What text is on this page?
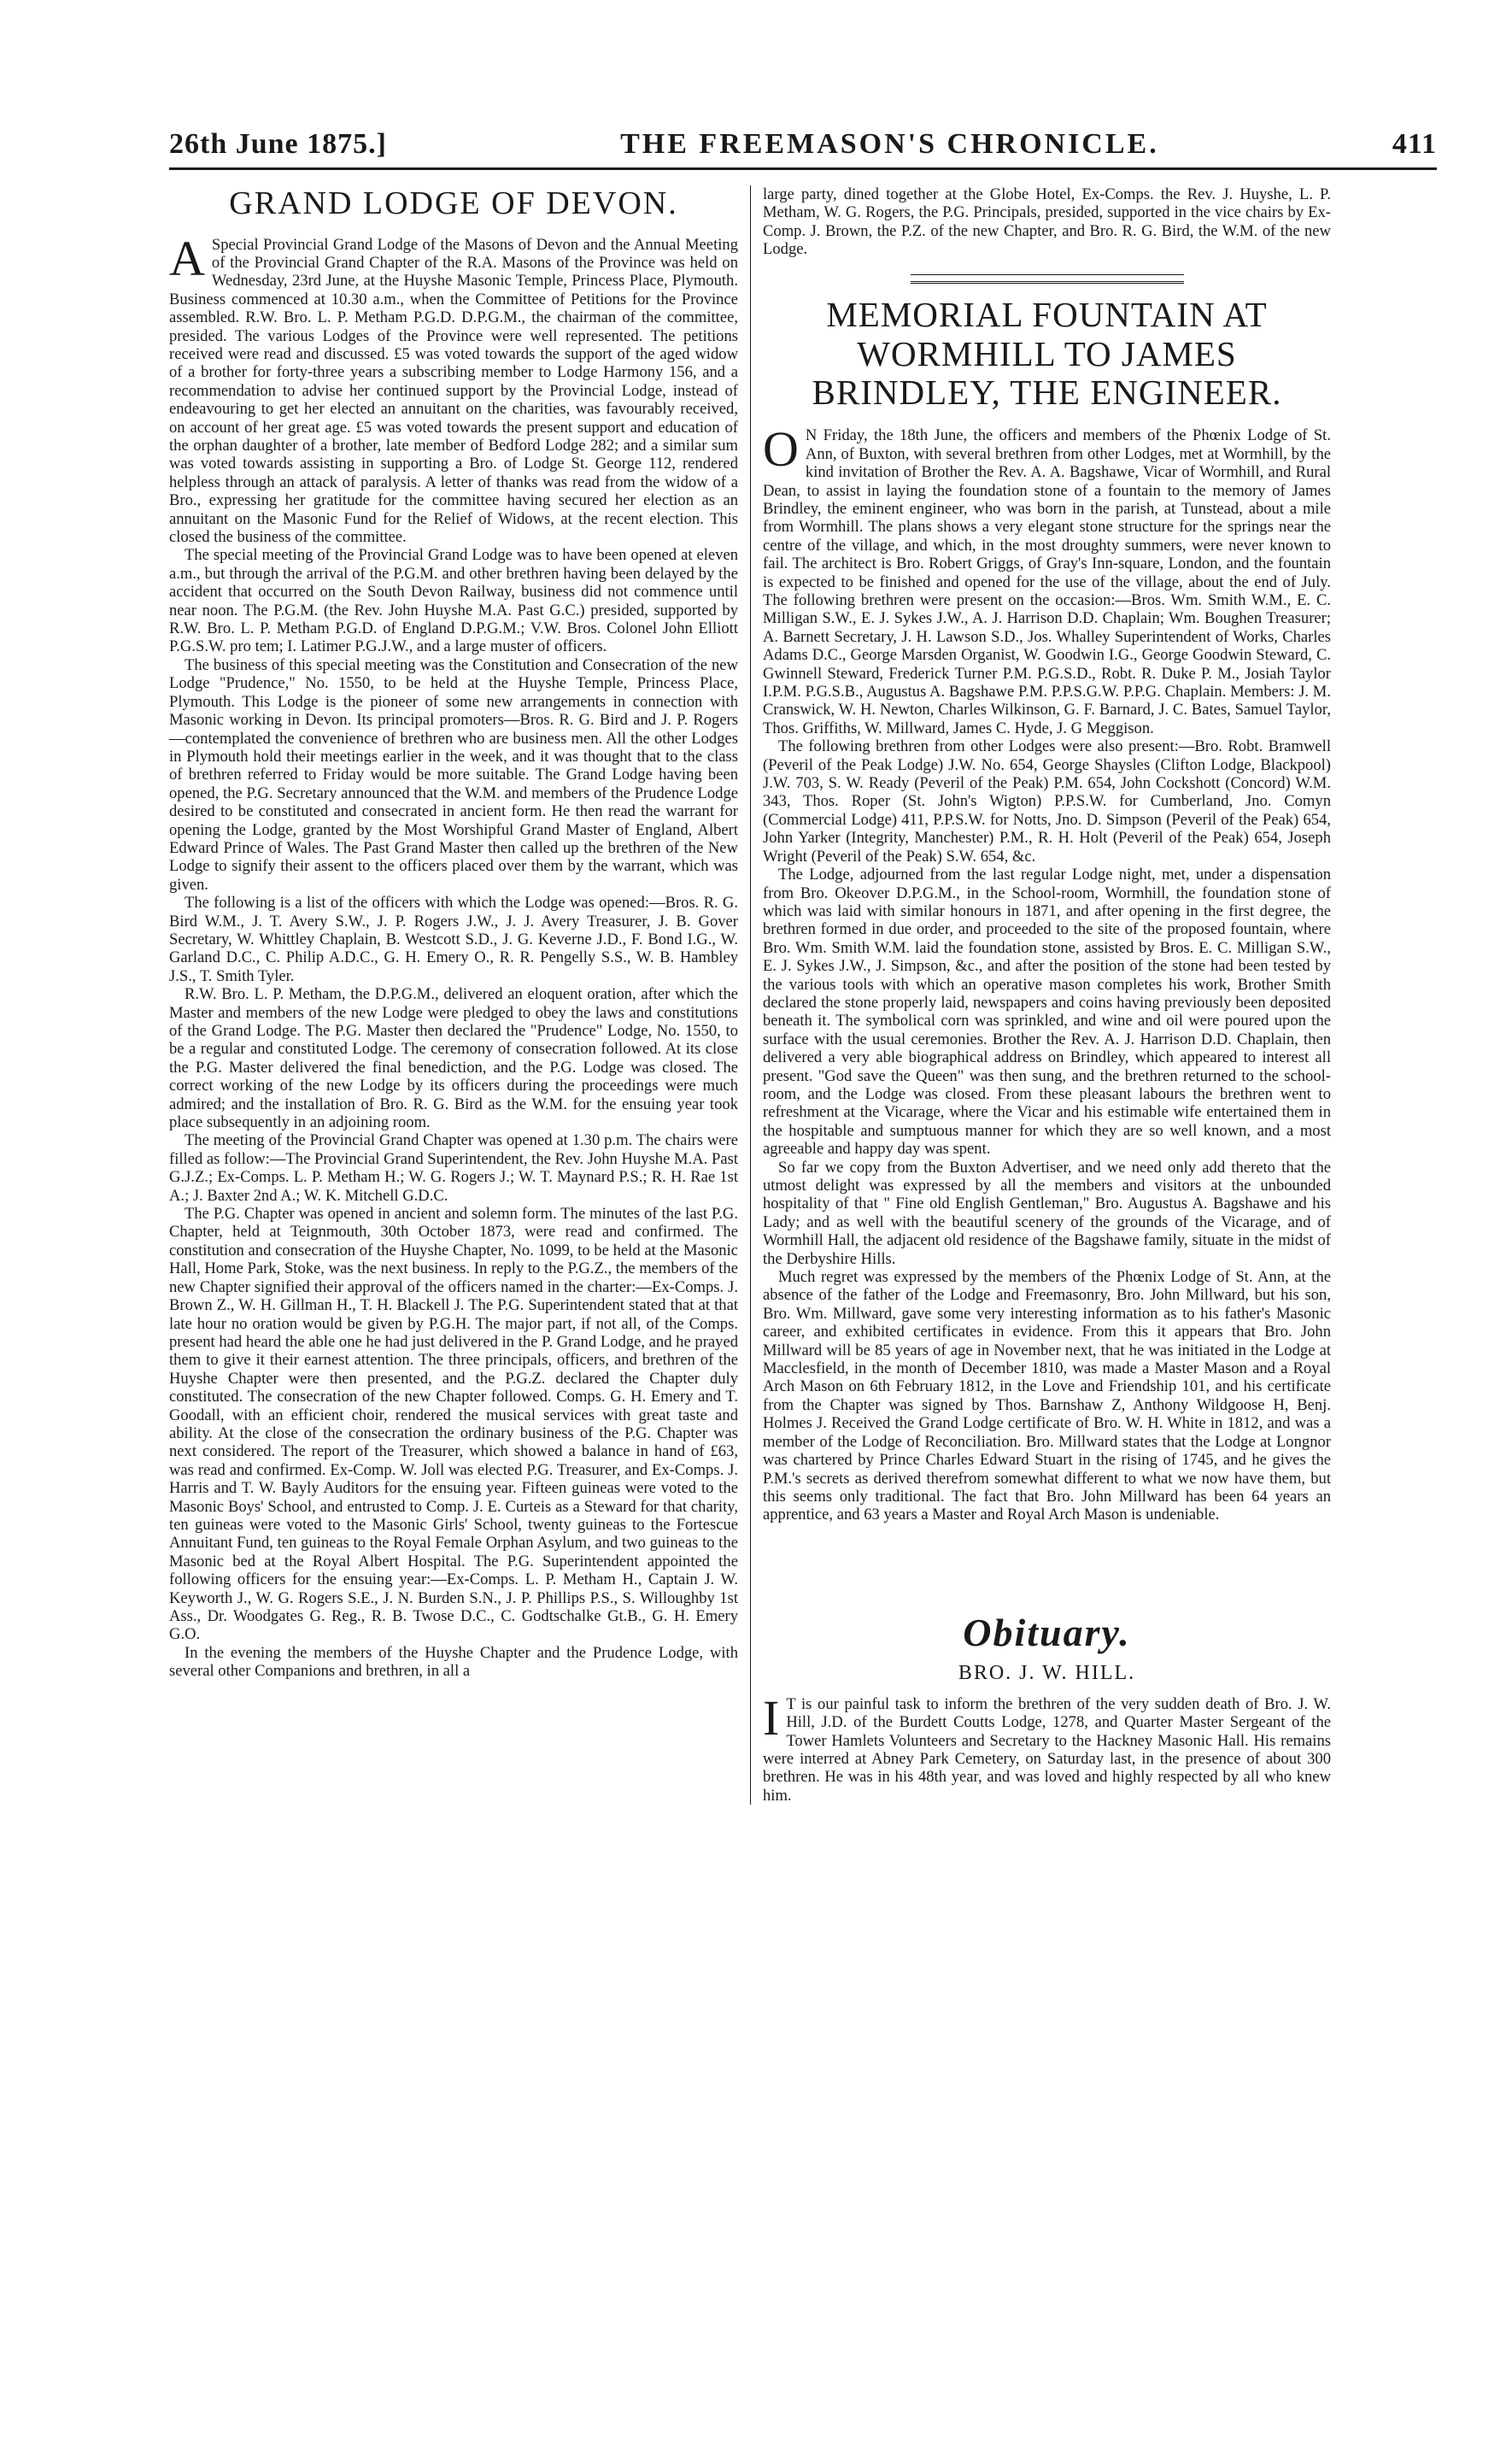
26th June 1875.]	THE FREEMASON'S CHRONICLE.	411
GRAND LODGE OF DEVON.

A Special Provincial Grand Lodge of the Masons of Devon and the Annual Meeting of the Provincial Grand Chapter of the R.A. Masons of the Province was held on Wednesday, 23rd June, at the Huyshe Masonic Temple, Princess Place, Plymouth. Business commenced at 10.30 a.m., when the Committee of Petitions for the Province assembled. R.W. Bro. L. P. Metham P.G.D. D.P.G.M., the chairman of the committee, presided. The various Lodges of the Province were well represented. The petitions received were read and discussed. £5 was voted towards the support of the aged widow of a brother for forty-three years a subscribing member to Lodge Harmony 156, and a recommendation to advise her continued support by the Provincial Lodge, instead of endeavouring to get her elected an annuitant on the charities, was favourably received, on account of her great age. £5 was voted towards the present support and education of the orphan daughter of a brother, late member of Bedford Lodge 282; and a similar sum was voted towards assisting in supporting a Bro. of Lodge St. George 112, rendered helpless through an attack of paralysis. A letter of thanks was read from the widow of a Bro., expressing her gratitude for the committee having secured her election as an annuitant on the Masonic Fund for the Relief of Widows, at the recent election. This closed the business of the committee.

The special meeting of the Provincial Grand Lodge was to have been opened at eleven a.m., but through the arrival of the P.G.M. and other brethren having been delayed by the accident that occurred on the South Devon Railway, business did not commence until near noon. The P.G.M. (the Rev. John Huyshe M.A. Past G.C.) presided, supported by R.W. Bro. L. P. Metham P.G.D. of England D.P.G.M.; V.W. Bros. Colonel John Elliott P.G.S.W. pro tem; I. Latimer P.G.J.W., and a large muster of officers.

The business of this special meeting was the Constitution and Consecration of the new Lodge "Prudence," No. 1550, to be held at the Huyshe Temple, Princess Place, Plymouth. This Lodge is the pioneer of some new arrangements in connection with Masonic working in Devon. Its principal promoters—Bros. R. G. Bird and J. P. Rogers —contemplated the convenience of brethren who are business men. All the other Lodges in Plymouth hold their meetings earlier in the week, and it was thought that to the class of brethren referred to Friday would be more suitable. The Grand Lodge having been opened, the P.G. Secretary announced that the W.M. and members of the Prudence Lodge desired to be constituted and consecrated in ancient form. He then read the warrant for opening the Lodge, granted by the Most Worshipful Grand Master of England, Albert Edward Prince of Wales. The Past Grand Master then called up the brethren of the New Lodge to signify their assent to the officers placed over them by the warrant, which was given.

The following is a list of the officers with which the Lodge was opened:—Bros. R. G. Bird W.M., J. T. Avery S.W., J. P. Rogers J.W., J. J. Avery Treasurer, J. B. Gover Secretary, W. Whittley Chaplain, B. Westcott S.D., J. G. Keverne J.D., F. Bond I.G., W. Garland D.C., C. Philip A.D.C., G. H. Emery O., R. R. Pengelly S.S., W. B. Hambley J.S., T. Smith Tyler.

R.W. Bro. L. P. Metham, the D.P.G.M., delivered an eloquent oration, after which the Master and members of the new Lodge were pledged to obey the laws and constitutions of the Grand Lodge. The P.G. Master then declared the "Prudence" Lodge, No. 1550, to be a regular and constituted Lodge. The ceremony of consecration followed. At its close the P.G. Master delivered the final benediction, and the P.G. Lodge was closed. The correct working of the new Lodge by its officers during the proceedings were much admired; and the installation of Bro. R. G. Bird as the W.M. for the ensuing year took place subsequently in an adjoining room.

The meeting of the Provincial Grand Chapter was opened at 1.30 p.m. The chairs were filled as follow:—The Provincial Grand Superintendent, the Rev. John Huyshe M.A. Past G.J.Z.; Ex-Comps. L. P. Metham H.; W. G. Rogers J.; W. T. Maynard P.S.; R. H. Rae 1st A.; J. Baxter 2nd A.; W. K. Mitchell G.D.C.

The P.G. Chapter was opened in ancient and solemn form. The minutes of the last P.G. Chapter, held at Teignmouth, 30th October 1873, were read and confirmed. The constitution and consecration of the Huyshe Chapter, No. 1099, to be held at the Masonic Hall, Home Park, Stoke, was the next business. In reply to the P.G.Z., the members of the new Chapter signified their approval of the officers named in the charter:—Ex-Comps. J. Brown Z., W. H. Gillman H., T. H. Blackell J. The P.G. Superintendent stated that at that late hour no oration would be given by P.G.H. The major part, if not all, of the Comps. present had heard the able one he had just delivered in the P. Grand Lodge, and he prayed them to give it their earnest attention. The three principals, officers, and brethren of the Huyshe Chapter were then presented, and the P.G.Z. declared the Chapter duly constituted. The consecration of the new Chapter followed. Comps. G. H. Emery and T. Goodall, with an efficient choir, rendered the musical services with great taste and ability. At the close of the consecration the ordinary business of the P.G. Chapter was next considered. The report of the Treasurer, which showed a balance in hand of £63, was read and confirmed. Ex-Comp. W. Joll was elected P.G. Treasurer, and Ex-Comps. J. Harris and T. W. Bayly Auditors for the ensuing year. Fifteen guineas were voted to the Masonic Boys' School, and entrusted to Comp. J. E. Curteis as a Steward for that charity, ten guineas were voted to the Masonic Girls' School, twenty guineas to the Fortescue Annuitant Fund, ten guineas to the Royal Female Orphan Asylum, and two guineas to the Masonic bed at the Royal Albert Hospital. The P.G. Superintendent appointed the following officers for the ensuing year:—Ex-Comps. L. P. Metham H., Captain J. W. Keyworth J., W. G. Rogers S.E., J. N. Burden S.N., J. P. Phillips P.S., S. Willoughby 1st Ass., Dr. Woodgates G. Reg., R. B. Twose D.C., C. Godtschalke Gt.B., G. H. Emery G.O.

In the evening the members of the Huyshe Chapter and the Prudence Lodge, with several other Companions and brethren, in all a

large party, dined together at the Globe Hotel, Ex-Comps. the Rev. J. Huyshe, L. P. Metham, W. G. Rogers, the P.G. Principals, presided, supported in the vice chairs by Ex-Comp. J. Brown, the P.Z. of the new Chapter, and Bro. R. G. Bird, the W.M. of the new Lodge.

MEMORIAL FOUNTAIN AT WORMHILL TO JAMES BRINDLEY, THE ENGINEER.

O N Friday, the 18th June, the officers and members of the Phœnix Lodge of St. Ann, of Buxton, with several brethren from other Lodges, met at Wormhill, by the kind invitation of Brother the Rev. A. A. Bagshawe, Vicar of Wormhill, and Rural Dean, to assist in laying the foundation stone of a fountain to the memory of James Brindley, the eminent engineer, who was born in the parish, at Tunstead, about a mile from Wormhill. The plans shows a very elegant stone structure for the springs near the centre of the village, and which, in the most droughty summers, were never known to fail. The architect is Bro. Robert Griggs, of Gray's Inn-square, London, and the fountain is expected to be finished and opened for the use of the village, about the end of July. The following brethren were present on the occasion:—Bros. Wm. Smith W.M., E. C. Milligan S.W., E. J. Sykes J.W., A. J. Harrison D.D. Chaplain; Wm. Boughen Treasurer; A. Barnett Secretary, J. H. Lawson S.D., Jos. Whalley Superintendent of Works, Charles Adams D.C., George Marsden Organist, W. Goodwin I.G., George Goodwin Steward, C. Gwinnell Steward, Frederick Turner P.M. P.G.S.D., Robt. R. Duke P. M., Josiah Taylor I.P.M. P.G.S.B., Augustus A. Bagshawe P.M. P.P.S.G.W. P.P.G. Chaplain. Members: J. M. Cranswick, W. H. Newton, Charles Wilkinson, G. F. Barnard, J. C. Bates, Samuel Taylor, Thos. Griffiths, W. Millward, James C. Hyde, J. G Meggison.

The following brethren from other Lodges were also present:—Bro. Robt. Bramwell (Peveril of the Peak Lodge) J.W. No. 654, George Shaysles (Clifton Lodge, Blackpool) J.W. 703, S. W. Ready (Peveril of the Peak) P.M. 654, John Cockshott (Concord) W.M. 343, Thos. Roper (St. John's Wigton) P.P.S.W. for Cumberland, Jno. Comyn (Commercial Lodge) 411, P.P.S.W. for Notts, Jno. D. Simpson (Peveril of the Peak) 654, John Yarker (Integrity, Manchester) P.M., R. H. Holt (Peveril of the Peak) 654, Joseph Wright (Peveril of the Peak) S.W. 654, &c.

The Lodge, adjourned from the last regular Lodge night, met, under a dispensation from Bro. Okeover D.P.G.M., in the School-room, Wormhill, the foundation stone of which was laid with similar honours in 1871, and after opening in the first degree, the brethren formed in due order, and proceeded to the site of the proposed fountain, where Bro. Wm. Smith W.M. laid the foundation stone, assisted by Bros. E. C. Milligan S.W., E. J. Sykes J.W., J. Simpson, &c., and after the position of the stone had been tested by the various tools with which an operative mason completes his work, Brother Smith declared the stone properly laid, newspapers and coins having previously been deposited beneath it. The symbolical corn was sprinkled, and wine and oil were poured upon the surface with the usual ceremonies. Brother the Rev. A. J. Harrison D.D. Chaplain, then delivered a very able biographical address on Brindley, which appeared to interest all present. "God save the Queen" was then sung, and the brethren returned to the school-room, and the Lodge was closed. From these pleasant labours the brethren went to refreshment at the Vicarage, where the Vicar and his estimable wife entertained them in the hospitable and sumptuous manner for which they are so well known, and a most agreeable and happy day was spent.

So far we copy from the Buxton Advertiser, and we need only add thereto that the utmost delight was expressed by all the members and visitors at the unbounded hospitality of that " Fine old English Gentleman," Bro. Augustus A. Bagshawe and his Lady; and as well with the beautiful scenery of the grounds of the Vicarage, and of Wormhill Hall, the adjacent old residence of the Bagshawe family, situate in the midst of the Derbyshire Hills.

Much regret was expressed by the members of the Phœnix Lodge of St. Ann, at the absence of the father of the Lodge and Freemasonry, Bro. John Millward, but his son, Bro. Wm. Millward, gave some very interesting information as to his father's Masonic career, and exhibited certificates in evidence. From this it appears that Bro. John Millward will be 85 years of age in November next, that he was initiated in the Lodge at Macclesfield, in the month of December 1810, was made a Master Mason and a Royal Arch Mason on 6th February 1812, in the Love and Friendship 101, and his certificate from the Chapter was signed by Thos. Barnshaw Z, Anthony Wildgoose H, Benj. Holmes J. Received the Grand Lodge certificate of Bro. W. H. White in 1812, and was a member of the Lodge of Reconciliation. Bro. Millward states that the Lodge at Longnor was chartered by Prince Charles Edward Stuart in the rising of 1745, and he gives the P.M.'s secrets as derived therefrom somewhat different to what we now have them, but this seems only traditional. The fact that Bro. John Millward has been 64 years an apprentice, and 63 years a Master and Royal Arch Mason is undeniable.

Obituary.
BRO. J. W. HILL.

I T is our painful task to inform the brethren of the very sudden death of Bro. J. W. Hill, J.D. of the Burdett Coutts Lodge, 1278, and Quarter Master Sergeant of the Tower Hamlets Volunteers and Secretary to the Hackney Masonic Hall. His remains were interred at Abney Park Cemetery, on Saturday last, in the presence of about 300 brethren. He was in his 48th year, and was loved and highly respected by all who knew him.
